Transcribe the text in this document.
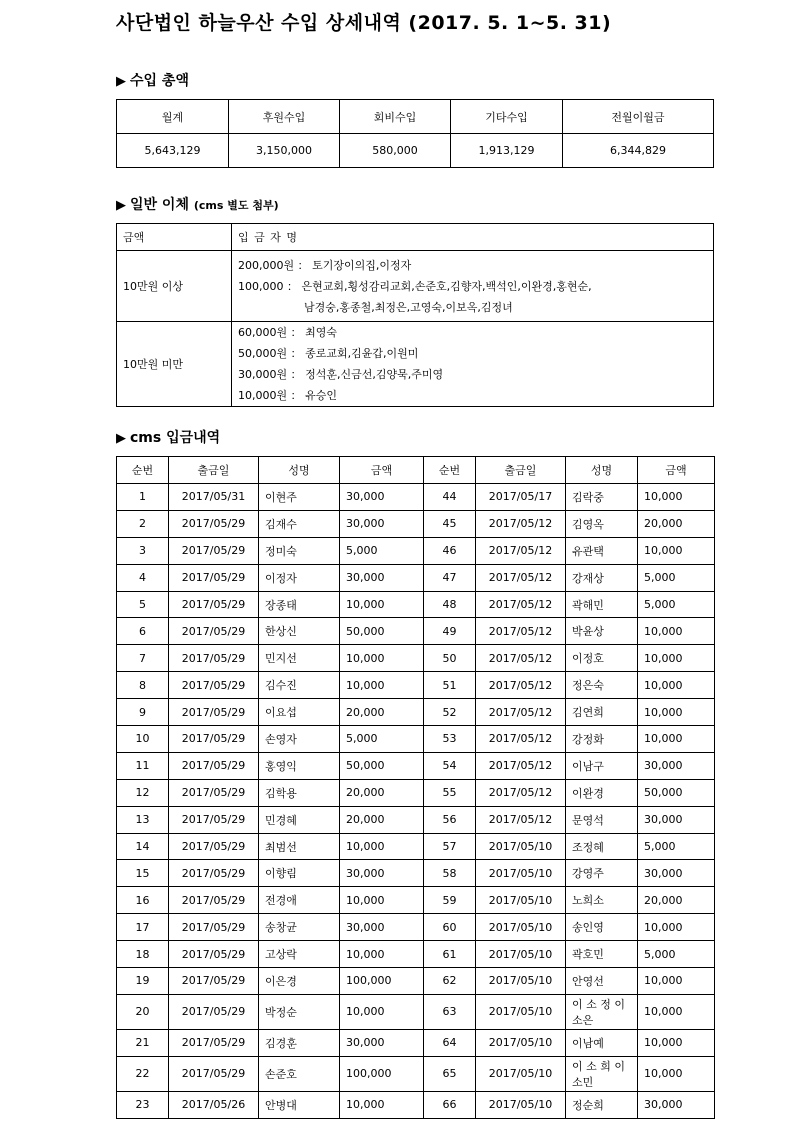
사단법인 하늘우산 수입 상세내역 (2017. 5. 1~5. 31)
▶ 수입 총액
월계	후원수입	회비수입	기타수입	전월이월금
5,643,129	3,150,000	580,000	1,913,129	6,344,829
▶ 일반 이체 (cms 별도 첨부)
금액	입 금 자 명
10만원 이상	200,000원 ： 토기장이의집,이정자
100,000 ： 은현교회,횡성감리교회,손준호,김향자,백석인,이완경,홍현순,
남경숭,홍종철,최정은,고영숙,이보옥,김정녀

10만원 미만	60,000원 ： 최영숙
50,000원 ： 종로교회,김윤갑,이원미
30,000원 ： 정석훈,신금선,김양묵,주미영
10,000원 ： 유승인
▶ cms 입금내역
순번	출금일	성명	금액	순번	출금일	성명	금액
1	2017/05/31	이현주	30,000	44	2017/05/17	김락중	10,000
2	2017/05/29	김재수	30,000	45	2017/05/12	김영옥	20,000
3	2017/05/29	정미숙	5,000	46	2017/05/12	유관택	10,000
4	2017/05/29	이정자	30,000	47	2017/05/12	강재상	5,000
5	2017/05/29	장종태	10,000	48	2017/05/12	곽해민	5,000
6	2017/05/29	한상신	50,000	49	2017/05/12	박윤상	10,000
7	2017/05/29	민지선	10,000	50	2017/05/12	이정호	10,000
8	2017/05/29	김수진	10,000	51	2017/05/12	정은숙	10,000
9	2017/05/29	이요섭	20,000	52	2017/05/12	김연희	10,000
10	2017/05/29	손영자	5,000	53	2017/05/12	강정화	10,000
11	2017/05/29	홍영익	50,000	54	2017/05/12	이남구	30,000
12	2017/05/29	김학용	20,000	55	2017/05/12	이완경	50,000
13	2017/05/29	민경혜	20,000	56	2017/05/12	문영석	30,000
14	2017/05/29	최범선	10,000	57	2017/05/10	조정혜	5,000
15	2017/05/29	이향림	30,000	58	2017/05/10	강영주	30,000
16	2017/05/29	전경애	10,000	59	2017/05/10	노희소	20,000
17	2017/05/29	송창균	30,000	60	2017/05/10	송인영	10,000
18	2017/05/29	고상락	10,000	61	2017/05/10	곽호민	5,000
19	2017/05/29	이은경	100,000	62	2017/05/10	안영선	10,000
20	2017/05/29	박정순	10,000	63	2017/05/10	이 소 정 이 소은	10,000
21	2017/05/29	김경훈	30,000	64	2017/05/10	이남예	10,000
22	2017/05/29	손준호	100,000	65	2017/05/10	이 소 희 이 소민	10,000
23	2017/05/26	안병대	10,000	66	2017/05/10	정순희	30,000
